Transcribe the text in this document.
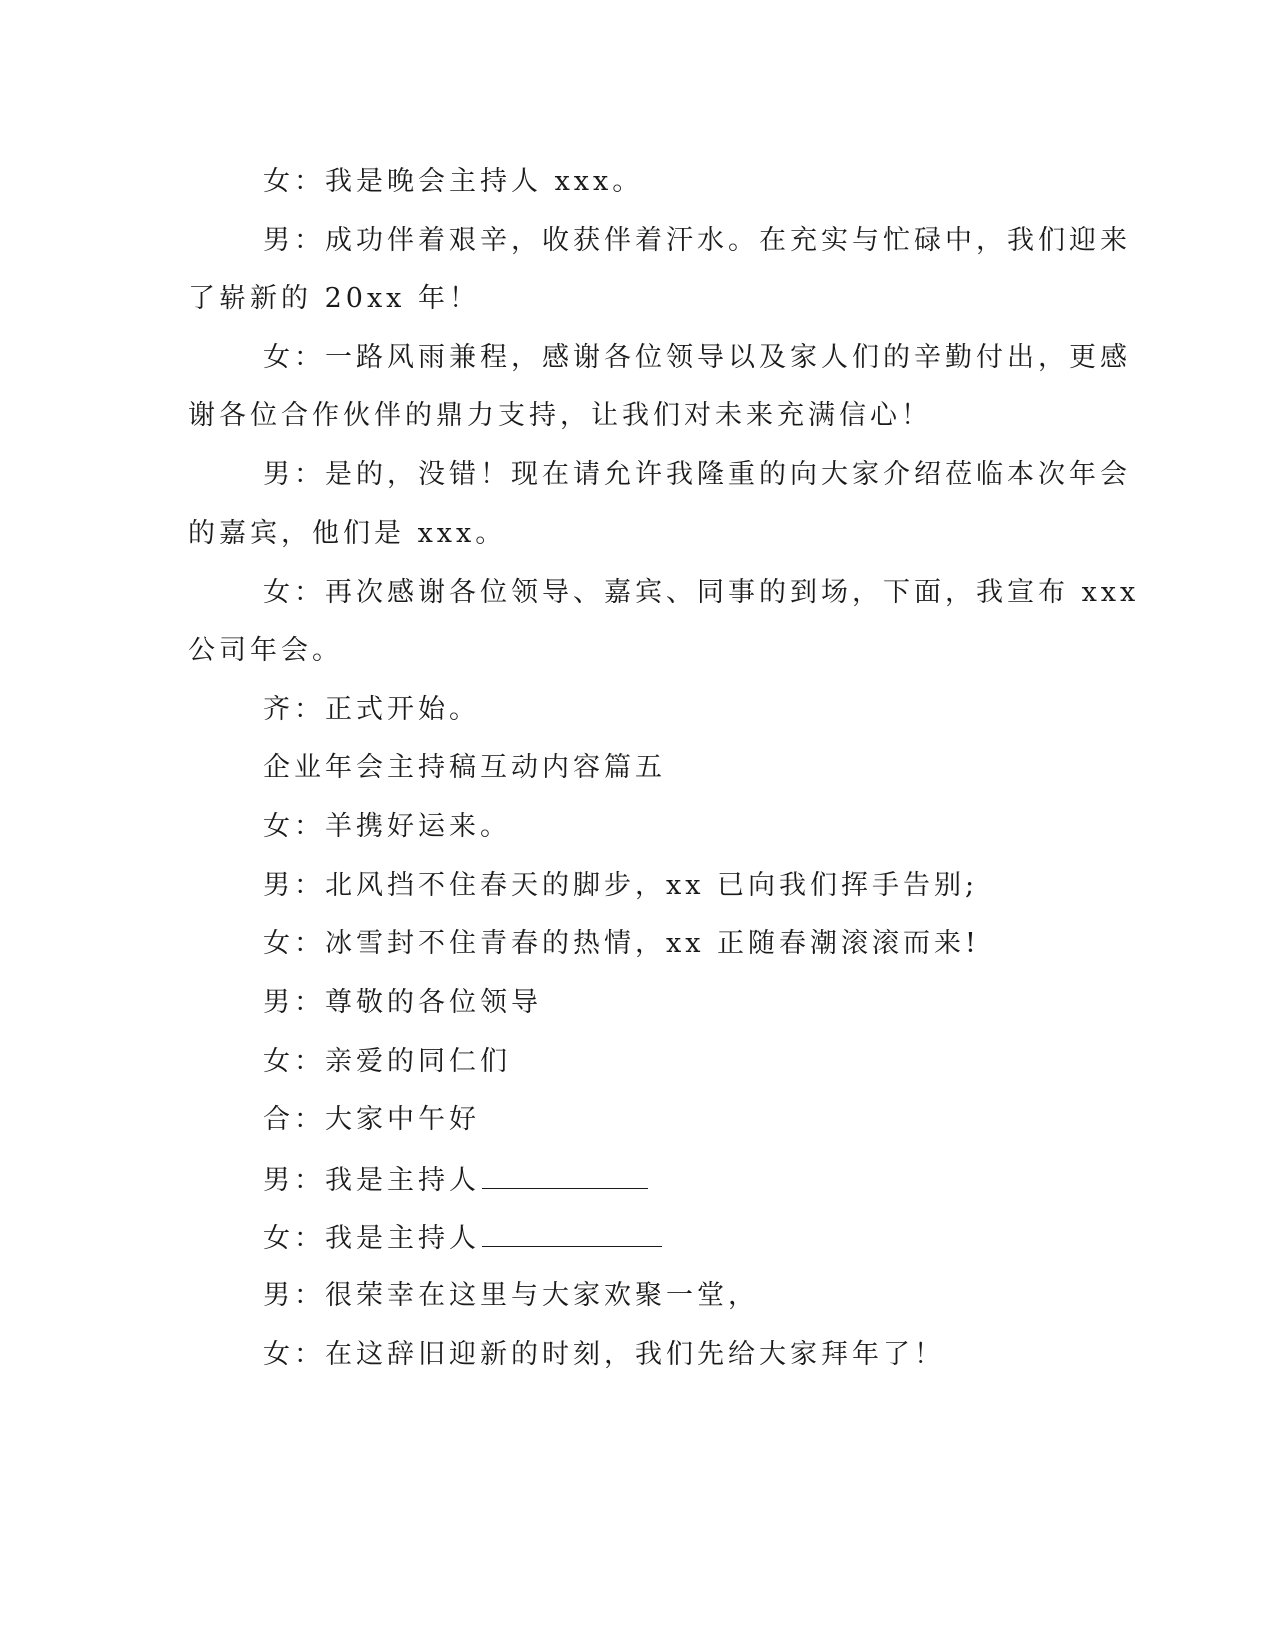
女：我是晚会主持人 xxx。
男：成功伴着艰辛，收获伴着汗水。在充实与忙碌中，我们迎来
了崭新的 20xx 年！
女：一路风雨兼程，感谢各位领导以及家人们的辛勤付出，更感
谢各位合作伙伴的鼎力支持，让我们对未来充满信心！
男：是的，没错！现在请允许我隆重的向大家介绍莅临本次年会
的嘉宾，他们是 xxx。
女：再次感谢各位领导、嘉宾、同事的到场，下面，我宣布 xxx
公司年会。
齐：正式开始。
企业年会主持稿互动内容篇五
女：羊携好运来。
男：北风挡不住春天的脚步，xx 已向我们挥手告别;
女：冰雪封不住青春的热情，xx 正随春潮滚滚而来!
男：尊敬的各位领导
女：亲爱的同仁们
合：大家中午好
男：我是主持人
女：我是主持人
男：很荣幸在这里与大家欢聚一堂，
女：在这辞旧迎新的时刻，我们先给大家拜年了！
